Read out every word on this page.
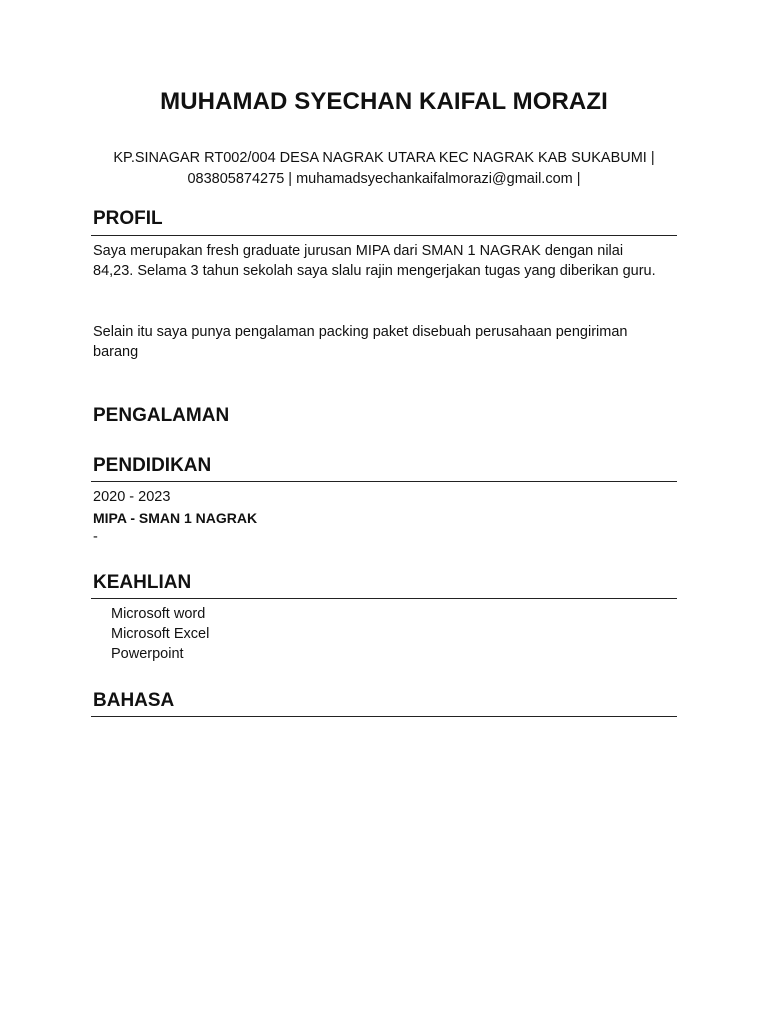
MUHAMAD SYECHAN KAIFAL MORAZI
KP.SINAGAR RT002/004 DESA NAGRAK UTARA KEC NAGRAK KAB SUKABUMI |
083805874275 | muhamadsyechankaifalmorazi@gmail.com |
PROFIL
Saya merupakan fresh graduate jurusan MIPA dari SMAN 1 NAGRAK dengan nilai
84,23. Selama 3 tahun sekolah saya slalu rajin mengerjakan tugas yang diberikan guru.
Selain itu saya punya pengalaman packing paket disebuah perusahaan pengiriman
barang
PENGALAMAN
PENDIDIKAN
2020 - 2023
MIPA - SMAN 1 NAGRAK
-
KEAHLIAN
Microsoft word
Microsoft Excel
Powerpoint
BAHASA
